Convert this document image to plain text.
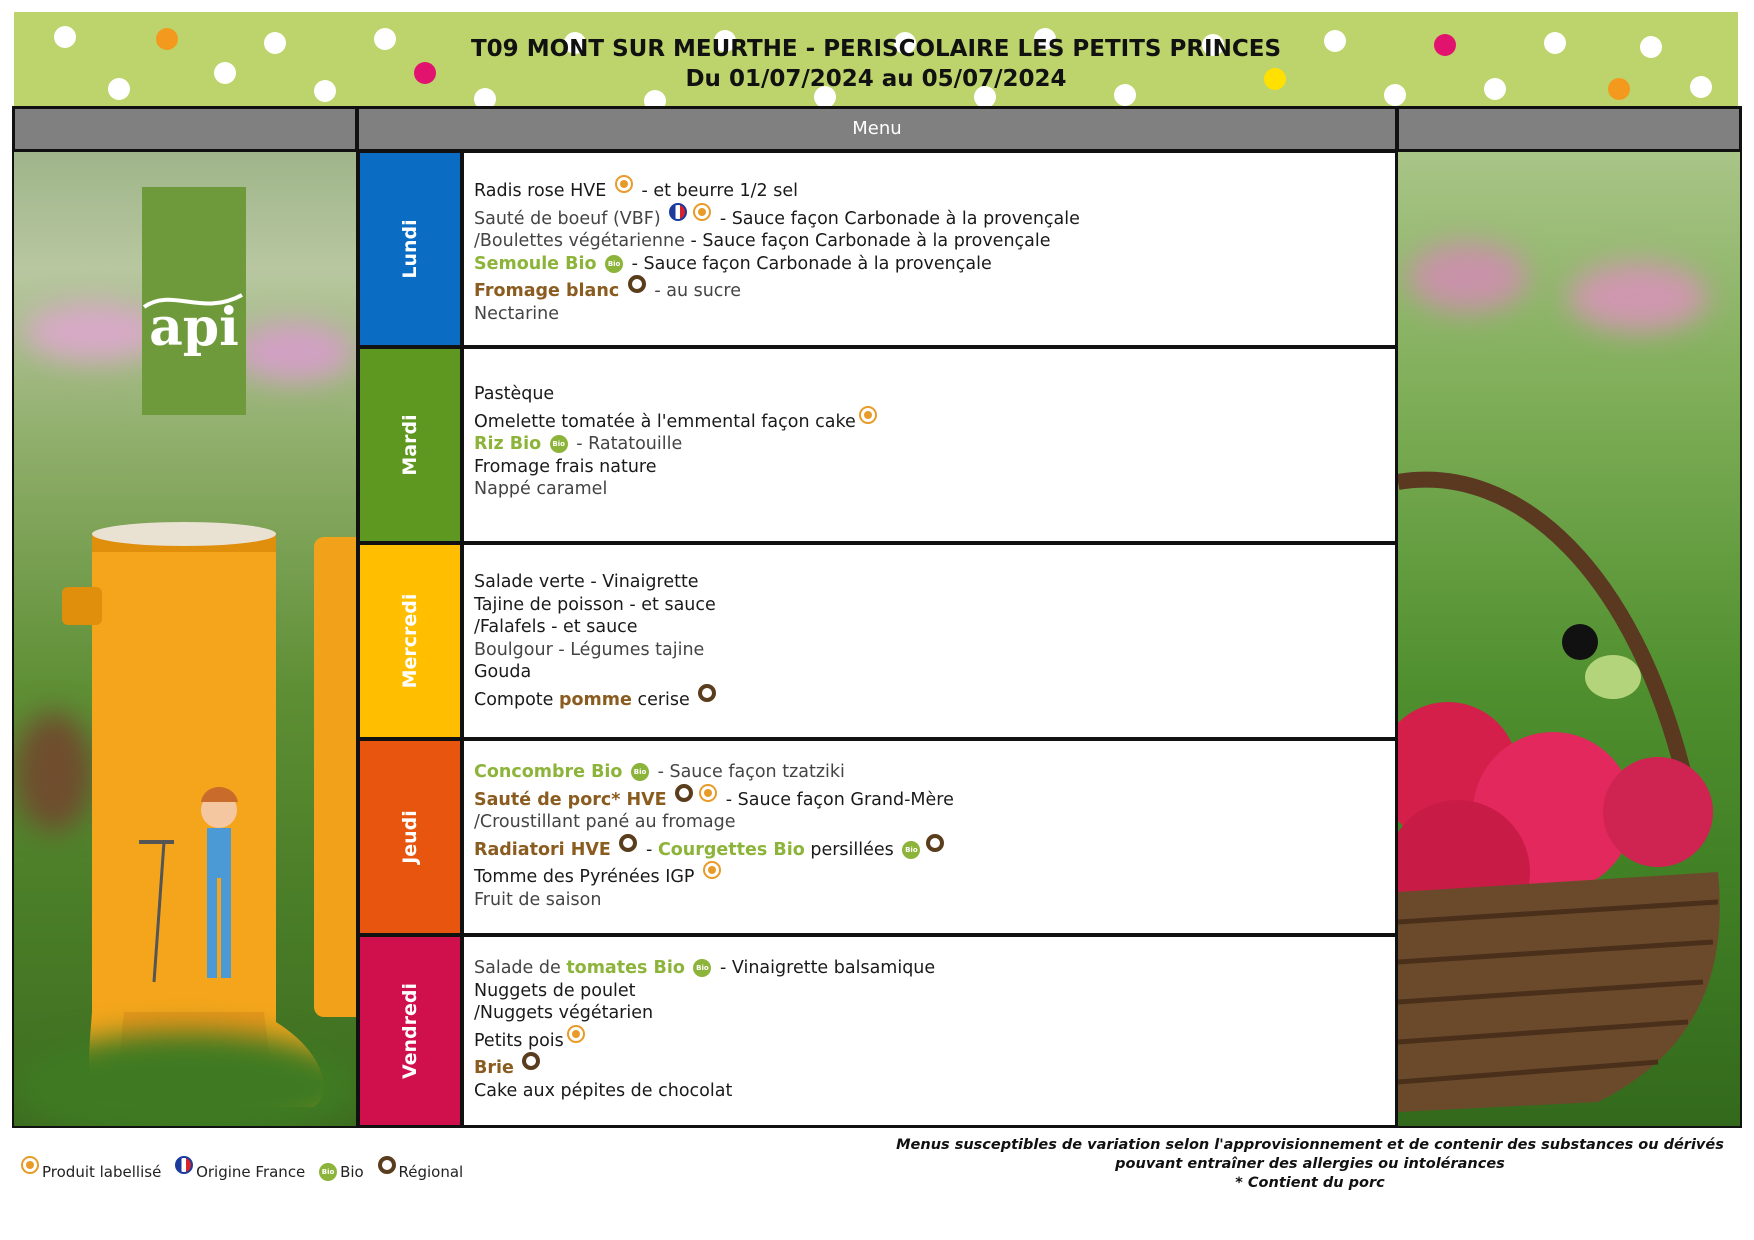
T09 MONT SUR MEURTHE - PERISCOLAIRE LES PETITS PRINCES
Du 01/07/2024 au 05/07/2024
Menu
api
Lundi
Radis rose HVE - et beurre 1/2 sel
Sauté de boeuf (VBF)	- Sauce façon Carbonade à la provençale
/Boulettes végétarienne - Sauce façon Carbonade à la provençale
Semoule Bio Bio - Sauce façon Carbonade à la provençale
Fromage blanc - au sucre
Nectarine
Mardi
Pastèque
Omelette tomatée à l'emmental façon cake
Riz Bio Bio - Ratatouille
Fromage frais nature
Nappé caramel
Mercredi
Salade verte - Vinaigrette
Tajine de poisson - et sauce
/Falafels - et sauce
Boulgour - Légumes tajine
Gouda
Compote pomme cerise
Jeudi
Concombre Bio Bio - Sauce façon tzatziki
Sauté de porc* HVE	- Sauce façon Grand-Mère
/Croustillant pané au fromage
Radiatori HVE - Courgettes Bio persillées Bio
Tomme des Pyrénées IGP
Fruit de saison
Vendredi
Salade de tomates Bio Bio - Vinaigrette balsamique
Nuggets de poulet
/Nuggets végétarien
Petits pois
Brie
Cake aux pépites de chocolat
Produit labellisé Origine France Bio Bio Régional
Menus susceptibles de variation selon l'approvisionnement et de contenir des substances ou dérivés
pouvant entraîner des allergies ou intolérances
* Contient du porc
